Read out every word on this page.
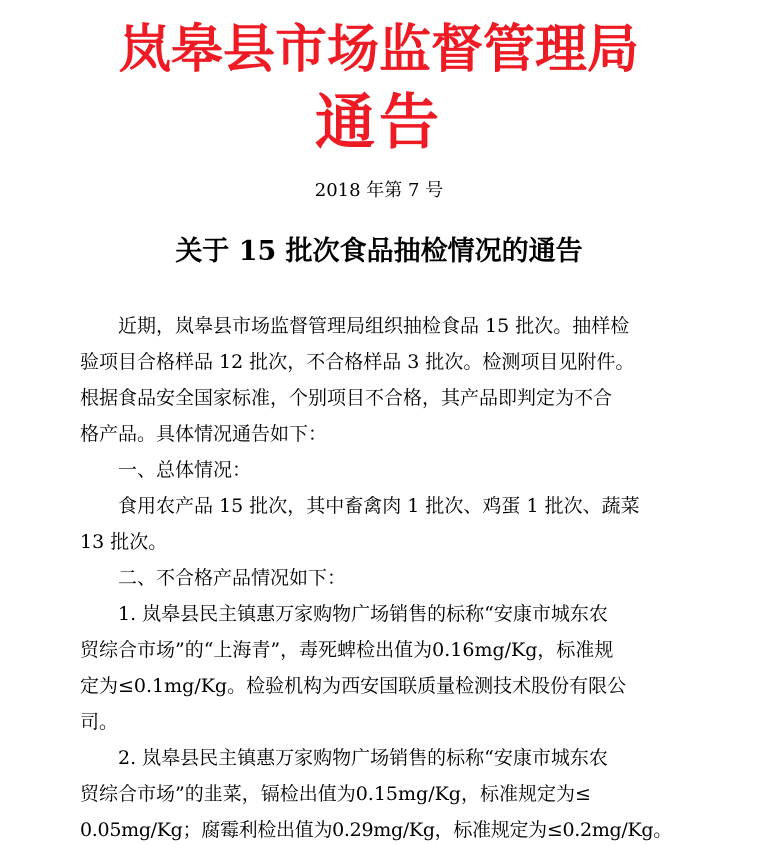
岚皋县市场监督管理局
通告
2018 年第 7 号
关于 15 批次食品抽检情况的通告
　　近期，岚皋县市场监督管理局组织抽检食品 15 批次。抽样检
验项目合格样品 12 批次，不合格样品 3 批次。检测项目见附件。
根据食品安全国家标准，个别项目不合格，其产品即判定为不合
格产品。具体情况通告如下：
　　一、总体情况：
　　食用农产品 15 批次，其中畜禽肉 1 批次、鸡蛋 1 批次、蔬菜
13 批次。
　　二、不合格产品情况如下：
　　1. 岚皋县民主镇惠万家购物广场销售的标称“安康市城东农
贸综合市场”的“上海青”，毒死蜱检出值为0.16mg/Kg，标准规
定为≤0.1mg/Kg。检验机构为西安国联质量检测技术股份有限公
司。
　　2. 岚皋县民主镇惠万家购物广场销售的标称“安康市城东农
贸综合市场”的韭菜，镉检出值为0.15mg/Kg，标准规定为≤
0.05mg/Kg；腐霉利检出值为0.29mg/Kg，标准规定为≤0.2mg/Kg。
